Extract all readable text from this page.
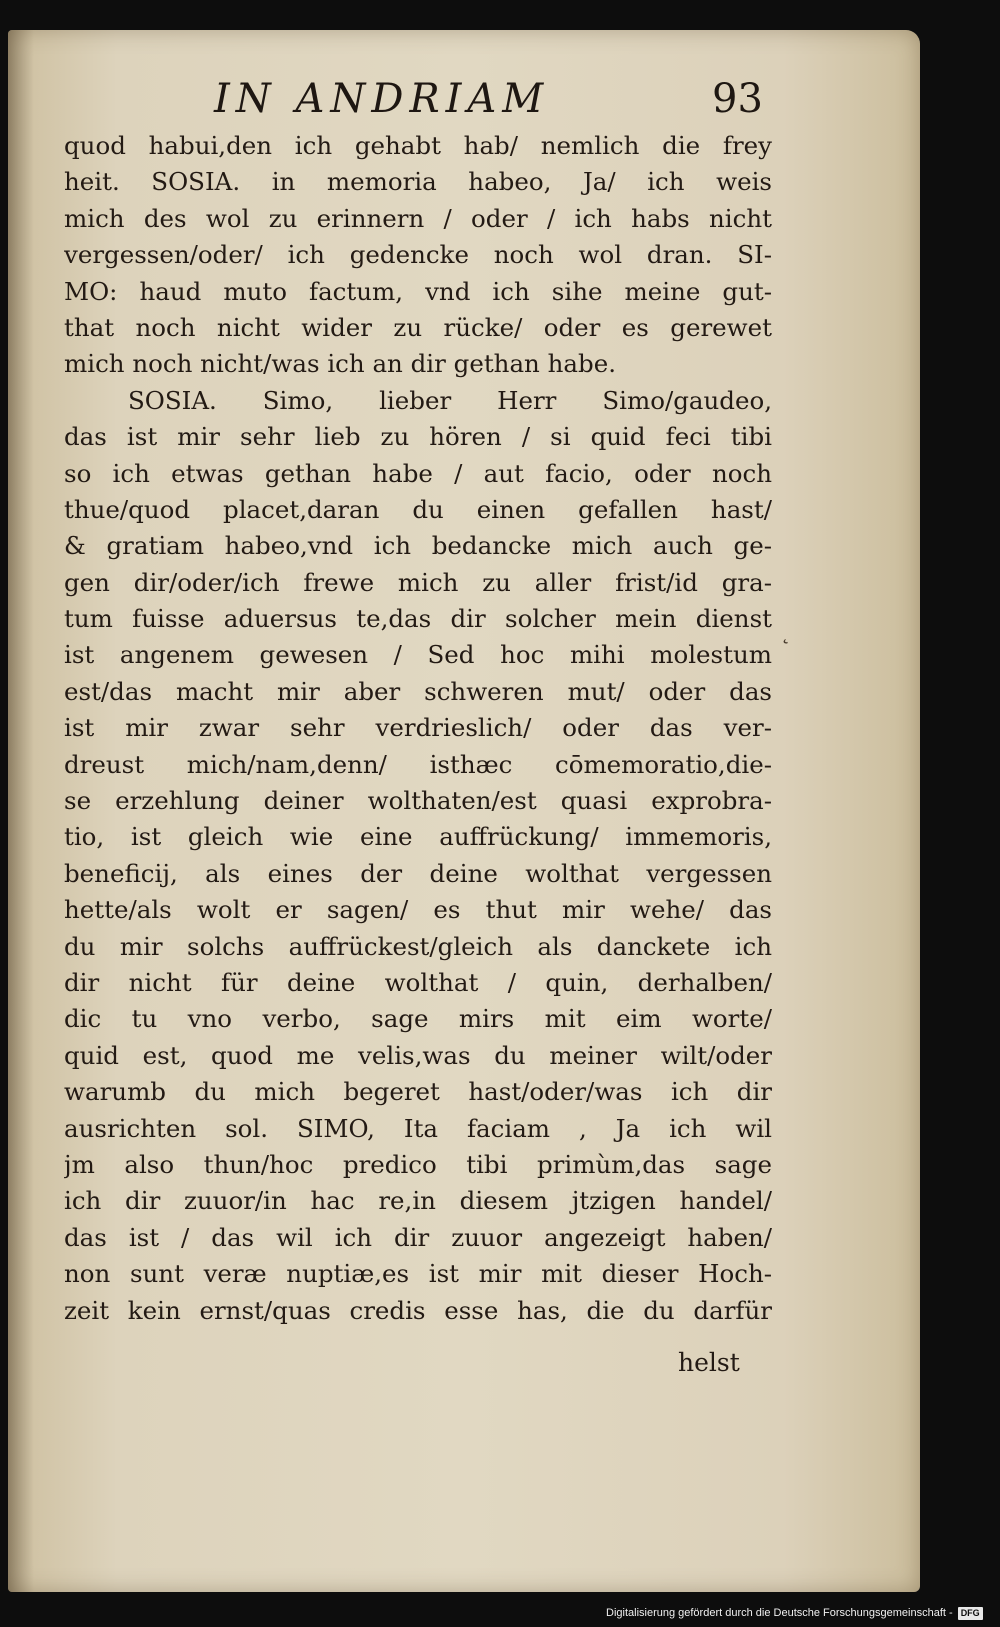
IN ANDRIAM	93
quod habui,den ich gehabt hab/ nemlich die frey
heit. SOSIA. in memoria habeo, Ja/ ich weis
mich des wol zu erinnern / oder / ich habs nicht
vergessen/oder/ ich gedencke noch wol dran. SI-
MO: haud muto factum, vnd ich sihe meine gut-
that noch nicht wider zu rücke/ oder es gerewet
mich noch nicht/was ich an dir gethan habe.
SOSIA. Simo, lieber Herr Simo/gaudeo,
das ist mir sehr lieb zu hören / si quid feci tibi
so ich etwas gethan habe / aut facio, oder noch
thue/quod placet,daran du einen gefallen hast/
& gratiam habeo,vnd ich bedancke mich auch ge-
gen dir/oder/ich frewe mich zu aller frist/id gra-
tum fuisse aduersus te,das dir solcher mein dienst
ist angenem gewesen / Sed hoc mihi molestum
est/das macht mir aber schweren mut/ oder das
ist mir zwar sehr verdrieslich/ oder das ver-
dreust mich/nam,denn/ isthæc cōmemoratio,die-
se erzehlung deiner wolthaten/est quasi exprobra-
tio, ist gleich wie eine auffrückung/ immemoris,
beneficij, als eines der deine wolthat vergessen
hette/als wolt er sagen/ es thut mir wehe/ das
du mir solchs auffrückest/gleich als danckete ich
dir nicht für deine wolthat / quin, derhalben/
dic tu vno verbo, sage mirs mit eim worte/
quid est, quod me velis,was du meiner wilt/oder
warumb du mich begeret hast/oder/was ich dir
ausrichten sol. SIMO, Ita faciam , Ja ich wil
jm also thun/hoc predico tibi primùm,das sage
ich dir zuuor/in hac re,in diesem jtzigen handel/
das ist / das wil ich dir zuuor angezeigt haben/
non sunt veræ nuptiæ,es ist mir mit dieser Hoch-
zeit kein ernst/quas credis esse has, die du darfür
helst
˛
Digitalisierung gefördert durch die Deutsche Forschungsgemeinschaft - DFG
